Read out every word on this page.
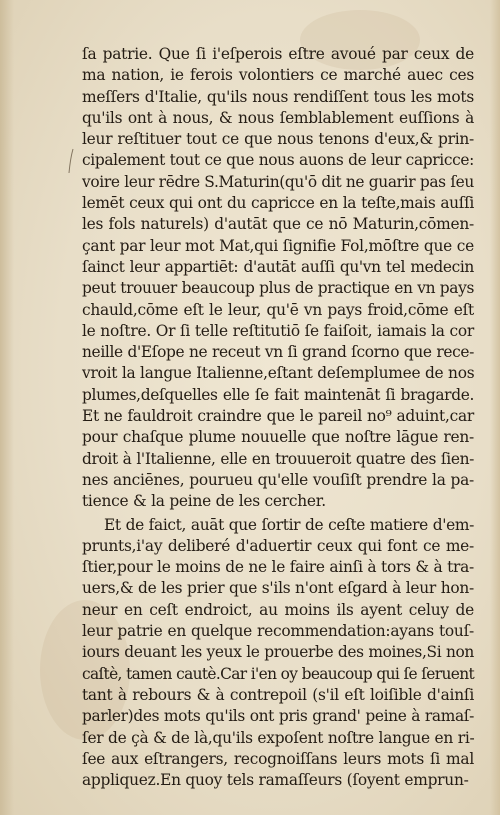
ſa patrie. Que ſi i'eſperois eſtre avoué par ceux de
ma nation, ie ferois volontiers ce marché auec ces
meſſers d'Italie, qu'ils nous rendiſſent tous les mots
qu'ils ont à nous, & nous ſemblablement euſſions à
leur reſtituer tout ce que nous tenons d'eux,& prin-
cipalement tout ce que nous auons de leur capricce:
voire leur rēdre S.Maturin(qu'ō dit ne guarir pas ſeu
lemēt ceux qui ont du capricce en la teſte,mais auſſi
les fols naturels) d'autāt que ce nō Maturin,cōmen-
çant par leur mot Mat,qui ſignifie Fol,mōſtre que ce
ſainct leur appartiēt: d'autāt auſſi qu'vn tel medecin
peut trouuer beaucoup plus de practique en vn pays
chauld,cōme eſt le leur, qu'ē vn pays froid,cōme eſt
le noſtre. Or ſi telle reſtitutiō ſe faiſoit, iamais la cor
neille d'Eſope ne receut vn ſi grand ſcorno que rece-
vroit la langue Italienne,eſtant deſemplumee de nos
plumes,deſquelles elle ſe fait maintenāt ſi bragarde.
Et ne fauldroit craindre que le pareil no⁹ aduint,car
pour chaſque plume nouuelle que noſtre lāgue ren-
droit à l'Italienne, elle en trouueroit quatre des ſien-
nes anciēnes, pourueu qu'elle vouſiſt prendre la pa-
tience & la peine de les cercher.
Et de faict, auāt que ſortir de ceſte matiere d'em-
prunts,i'ay deliberé d'aduertir ceux qui font ce me-
ſtier,pour le moins de ne le faire ainſi à tors & à tra-
uers,& de les prier que s'ils n'ont eſgard à leur hon-
neur en ceſt endroict, au moins ils ayent celuy de
leur patrie en quelque recommendation:ayans touſ-
iours deuant les yeux le prouerbe des moines,Si non
caſtè, tamen cautè.Car i'en oy beaucoup qui ſe ſeruent
tant à rebours & à contrepoil (s'il eſt loiſible d'ainſi
parler)des mots qu'ils ont pris grand' peine à ramaſ-
ſer de çà & de là,qu'ils expoſent noſtre langue en ri-
ſee aux eſtrangers, recognoiſſans leurs mots ſi mal
appliquez.En quoy tels ramaſſeurs (ſoyent emprun-
